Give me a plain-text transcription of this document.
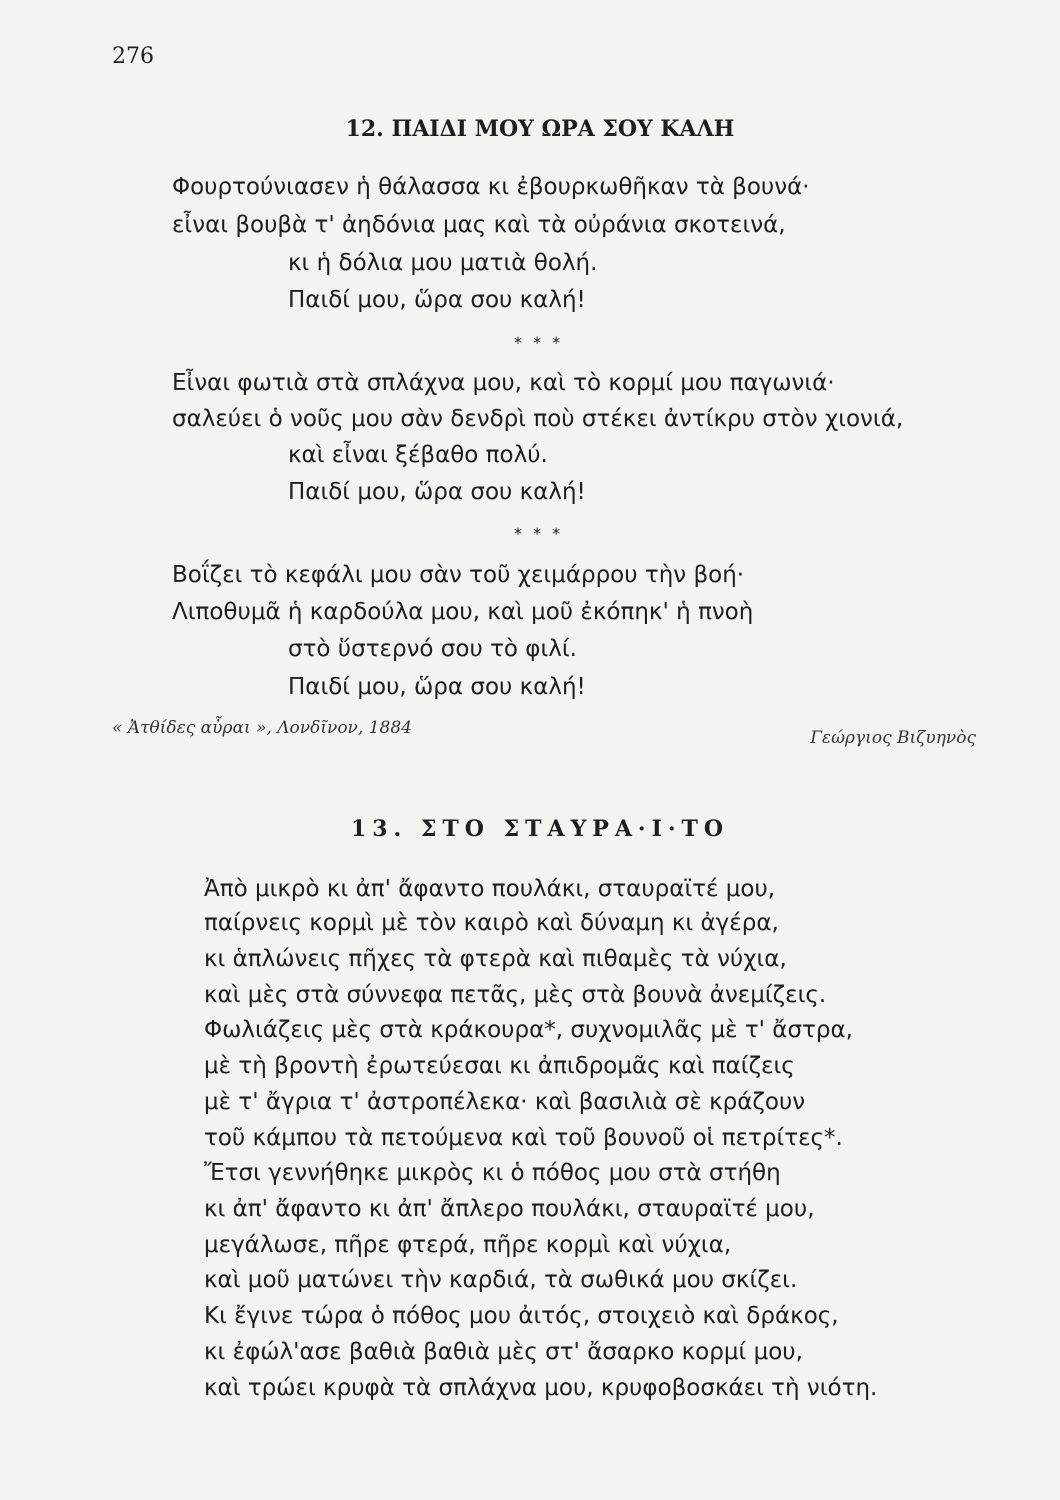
276
12. ΠΑΙΔΙ ΜΟΥ ΩΡΑ ΣΟΥ ΚΑΛΗ
Φουρτούνιασεν ἡ θάλασσα κι ἐβουρκωθῆκαν τὰ βουνά·
εἶναι βουβὰ τ' ἀηδόνια μας καὶ τὰ οὐράνια σκοτεινά,
κι ἡ δόλια μου ματιὰ θολή.
Παιδί μου, ὥρα σου καλή!
* * *
Εἶναι φωτιὰ στὰ σπλάχνα μου, καὶ τὸ κορμί μου παγωνιά·
σαλεύει ὁ νοῦς μου σὰν δενδρὶ ποὺ στέκει ἀντίκρυ στὸν χιονιά,
καὶ εἶναι ξέβαθο πολύ.
Παιδί μου, ὥρα σου καλή!
* * *
Βοΐζει τὸ κεφάλι μου σὰν τοῦ χειμάρρου τὴν βοή·
Λιποθυμᾶ ἡ καρδούλα μου, καὶ μοῦ ἐκόπηκ' ἡ πνοὴ
στὸ ὕστερνό σου τὸ φιλί.
Παιδί μου, ὥρα σου καλή!
« Ἀτθίδες αὖραι », Λονδῖνον, 1884	Γεώργιος Βιζυηνὸς
13. ΣΤΟ ΣΤΑΥΡΑ·Ι·ΤΟ
Ἀπὸ μικρὸ κι ἀπ' ἄφαντο πουλάκι, σταυραϊτέ μου,
παίρνεις κορμὶ μὲ τὸν καιρὸ καὶ δύναμη κι ἀγέρα,
κι ἁπλώνεις πῆχες τὰ φτερὰ καὶ πιθαμὲς τὰ νύχια,
καὶ μὲς στὰ σύννεφα πετᾶς, μὲς στὰ βουνὰ ἀνεμίζεις.
Φωλιάζεις μὲς στὰ κράκουρα*, συχνομιλᾶς μὲ τ' ἄστρα,
μὲ τὴ βροντὴ ἐρωτεύεσαι κι ἀπιδρομᾶς καὶ παίζεις
μὲ τ' ἄγρια τ' ἀστροπέλεκα· καὶ βασιλιὰ σὲ κράζουν
τοῦ κάμπου τὰ πετούμενα καὶ τοῦ βουνοῦ οἱ πετρίτες*.
Ἔτσι γεννήθηκε μικρὸς κι ὁ πόθος μου στὰ στήθη
κι ἀπ' ἄφαντο κι ἀπ' ἄπλερο πουλάκι, σταυραϊτέ μου,
μεγάλωσε, πῆρε φτερά, πῆρε κορμὶ καὶ νύχια,
καὶ μοῦ ματώνει τὴν καρδιά, τὰ σωθικά μου σκίζει.
Κι ἔγινε τώρα ὁ πόθος μου ἀιτός, στοιχειὸ καὶ δράκος,
κι ἐφώλ'ασε βαθιὰ βαθιὰ μὲς στ' ἄσαρκο κορμί μου,
καὶ τρώει κρυφὰ τὰ σπλάχνα μου, κρυφοβοσκάει τὴ νιότη.
